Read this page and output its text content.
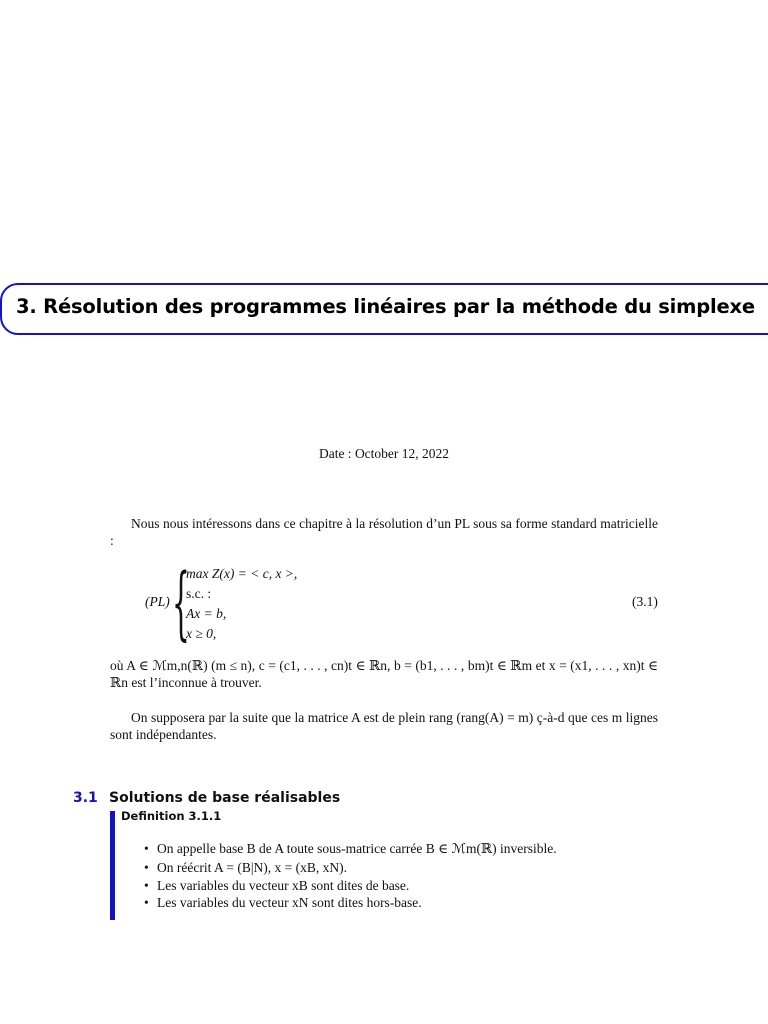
3. Résolution des programmes linéaires par la méthode du simplexe
Date : October 12, 2022

Nous nous intéressons dans ce chapitre à la résolution d’un PL sous sa forme standard matricielle :

(PL) {
max Z(x) = < c, x >,
s.c. :
Ax = b,
x ≥ 0,
(3.1)

où A ∈ ℳm,n(ℝ) (m ≤ n), c = (c1, . . . , cn)t ∈ ℝn, b = (b1, . . . , bm)t ∈ ℝm et x = (x1, . . . , xn)t ∈ ℝn est l’inconnue à trouver.

On supposera par la suite que la matrice A est de plein rang (rang(A) = m) ç-à-d que ces m lignes sont indépendantes.

3.1 Solutions de base réalisables
Definition 3.1.1
• On appelle base B de A toute sous-matrice carrée B ∈ ℳm(ℝ) inversible.
• On réécrit A = (B|N), x = (xB, xN).
• Les variables du vecteur xB sont dites de base.
• Les variables du vecteur xN sont dites hors-base.
